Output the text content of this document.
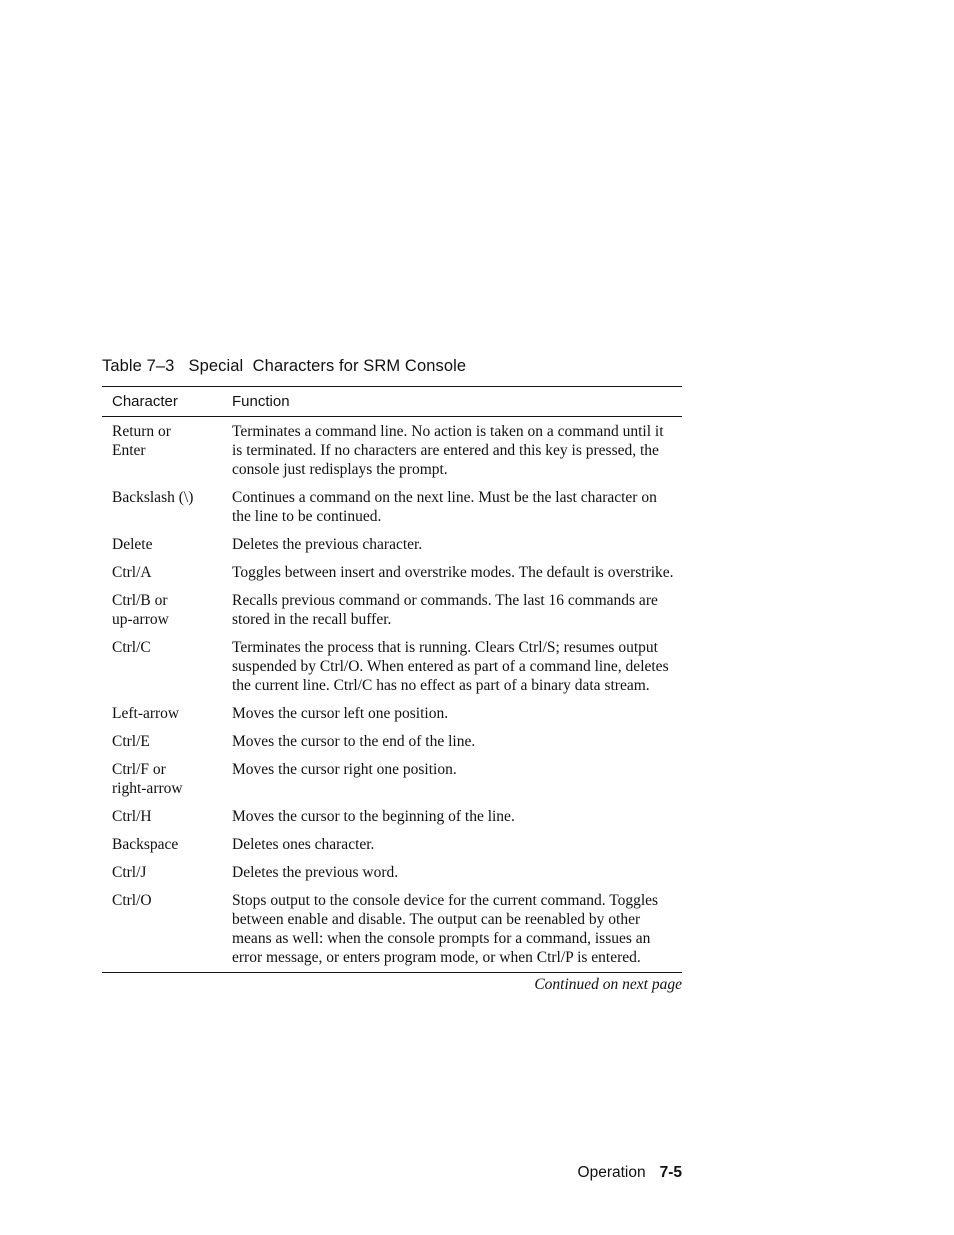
Table 7–3 Special  Characters for SRM Console
Character	Function
Return or
Enter	Terminates a command line. No action is taken on a command until it is terminated. If no characters are entered and this key is pressed, the console just redisplays the prompt.
Backslash (\)	Continues a command on the next line. Must be the last character on the line to be continued.
Delete	Deletes the previous character.
Ctrl/A	Toggles between insert and overstrike modes. The default is overstrike.
Ctrl/B or
up-arrow	Recalls previous command or commands. The last 16 commands are stored in the recall buffer.
Ctrl/C	Terminates the process that is running. Clears Ctrl/S; resumes output suspended by Ctrl/O. When entered as part of a command line, deletes the current line. Ctrl/C has no effect as part of a binary data stream.
Left-arrow	Moves the cursor left one position.
Ctrl/E	Moves the cursor to the end of the line.
Ctrl/F or
right-arrow	Moves the cursor right one position.
Ctrl/H	Moves the cursor to the beginning of the line.
Backspace	Deletes ones character.
Ctrl/J	Deletes the previous word.
Ctrl/O	Stops output to the console device for the current command. Toggles between enable and disable. The output can be reenabled by other means as well: when the console prompts for a command, issues an error message, or enters program mode, or when Ctrl/P is entered.
Continued on next page
Operation 7-5
